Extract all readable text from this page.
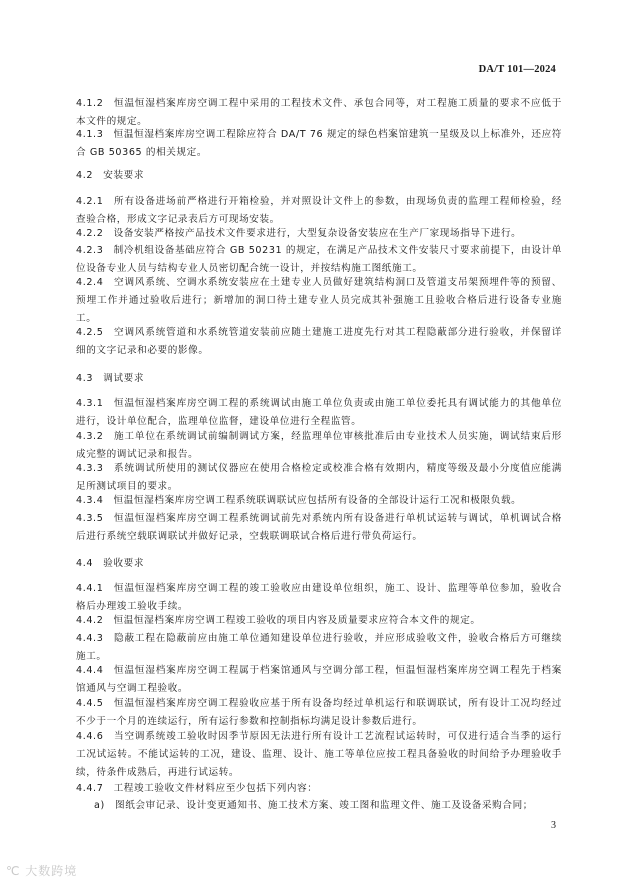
DA/T 101—2024
4.1.2　恒温恒湿档案库房空调工程中采用的工程技术文件、承包合同等，对工程施工质量的要求不应低于本文件的规定。
4.1.3　恒温恒湿档案库房空调工程除应符合 DA/T 76 规定的绿色档案馆建筑一星级及以上标准外，还应符合 GB 50365 的相关规定。
4.2　安装要求
4.2.1　所有设备进场前严格进行开箱检验，并对照设计文件上的参数，由现场负责的监理工程师检验，经查验合格，形成文字记录表后方可现场安装。
4.2.2　设备安装严格按产品技术文件要求进行，大型复杂设备安装应在生产厂家现场指导下进行。
4.2.3　制冷机组设备基础应符合 GB 50231 的规定，在满足产品技术文件安装尺寸要求前提下，由设计单位设备专业人员与结构专业人员密切配合统一设计，并按结构施工图纸施工。
4.2.4　空调风系统、空调水系统安装应在土建专业人员做好建筑结构洞口及管道支吊架预埋件等的预留、预埋工作并通过验收后进行；新增加的洞口待土建专业人员完成其补强施工且验收合格后进行设备专业施工。
4.2.5　空调风系统管道和水系统管道安装前应随土建施工进度先行对其工程隐蔽部分进行验收，并保留详细的文字记录和必要的影像。
4.3　调试要求
4.3.1　恒温恒湿档案库房空调工程的系统调试由施工单位负责或由施工单位委托具有调试能力的其他单位进行，设计单位配合，监理单位监督，建设单位进行全程监管。
4.3.2　施工单位在系统调试前编制调试方案，经监理单位审核批准后由专业技术人员实施，调试结束后形成完整的调试记录和报告。
4.3.3　系统调试所使用的测试仪器应在使用合格检定或校准合格有效期内，精度等级及最小分度值应能满足所测试项目的要求。
4.3.4　恒温恒湿档案库房空调工程系统联调联试应包括所有设备的全部设计运行工况和极限负载。
4.3.5　恒温恒湿档案库房空调工程系统调试前先对系统内所有设备进行单机试运转与调试，单机调试合格后进行系统空载联调联试并做好记录，空载联调联试合格后进行带负荷运行。
4.4　验收要求
4.4.1　恒温恒湿档案库房空调工程的竣工验收应由建设单位组织，施工、设计、监理等单位参加，验收合格后办理竣工验收手续。
4.4.2　恒温恒湿档案库房空调工程竣工验收的项目内容及质量要求应符合本文件的规定。
4.4.3　隐蔽工程在隐蔽前应由施工单位通知建设单位进行验收，并应形成验收文件，验收合格后方可继续施工。
4.4.4　恒温恒湿档案库房空调工程属于档案馆通风与空调分部工程，恒温恒湿档案库房空调工程先于档案馆通风与空调工程验收。
4.4.5　恒温恒湿档案库房空调工程验收应基于所有设备均经过单机运行和联调联试，所有设计工况均经过不少于一个月的连续运行，所有运行参数和控制指标均满足设计参数后进行。
4.4.6　当空调系统竣工验收时因季节原因无法进行所有设计工艺流程试运转时，可仅进行适合当季的运行工况试运转。不能试运转的工况，建设、监理、设计、施工等单位应按工程具备验收的时间给予办理验收手续，待条件成熟后，再进行试运转。
4.4.7　工程竣工验收文件材料应至少包括下列内容：
a)　图纸会审记录、设计变更通知书、施工技术方案、竣工图和监理文件、施工及设备采购合同；
3
℃ 大数跨境
